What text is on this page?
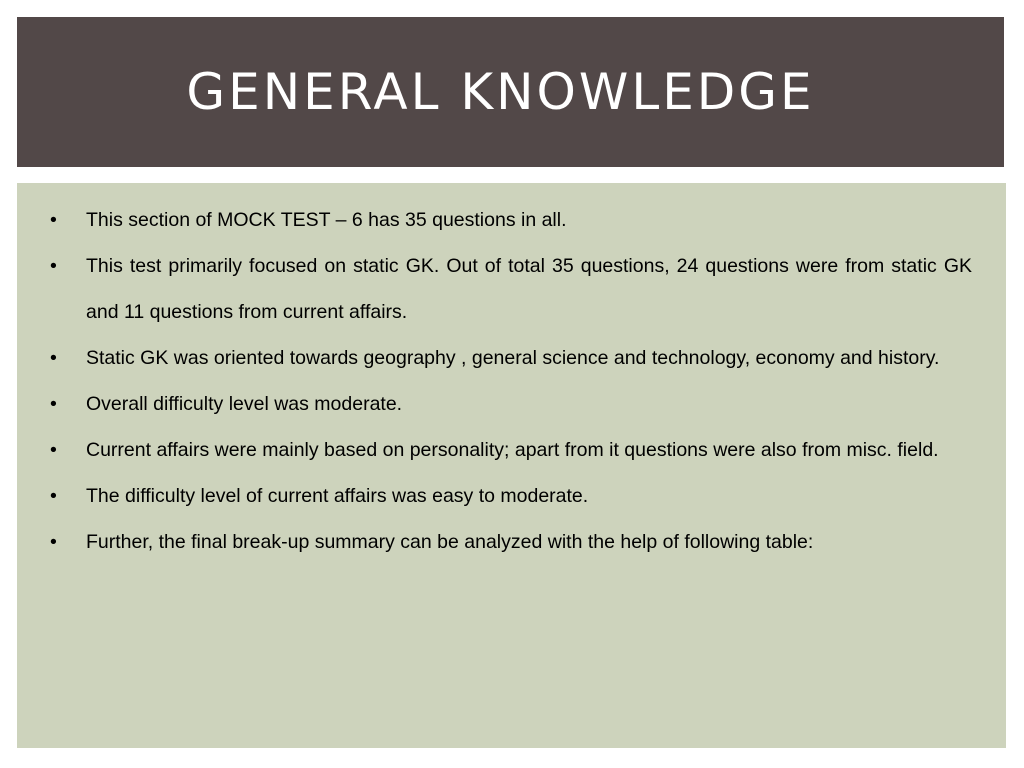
GENERAL KNOWLEDGE
•	This section of MOCK TEST – 6 has 35 questions in all.
•	This test primarily focused on static GK. Out of total 35 questions, 24 questions were from static GK and 11 questions from current affairs.
•	Static GK was oriented towards geography , general science and technology, economy and history.
•	Overall difficulty level was moderate.
•	Current affairs were mainly based on personality; apart from it questions were also from misc. field.
•	The difficulty level of current affairs was easy to moderate.
•	Further, the final break-up summary can be analyzed with the help of following table:
